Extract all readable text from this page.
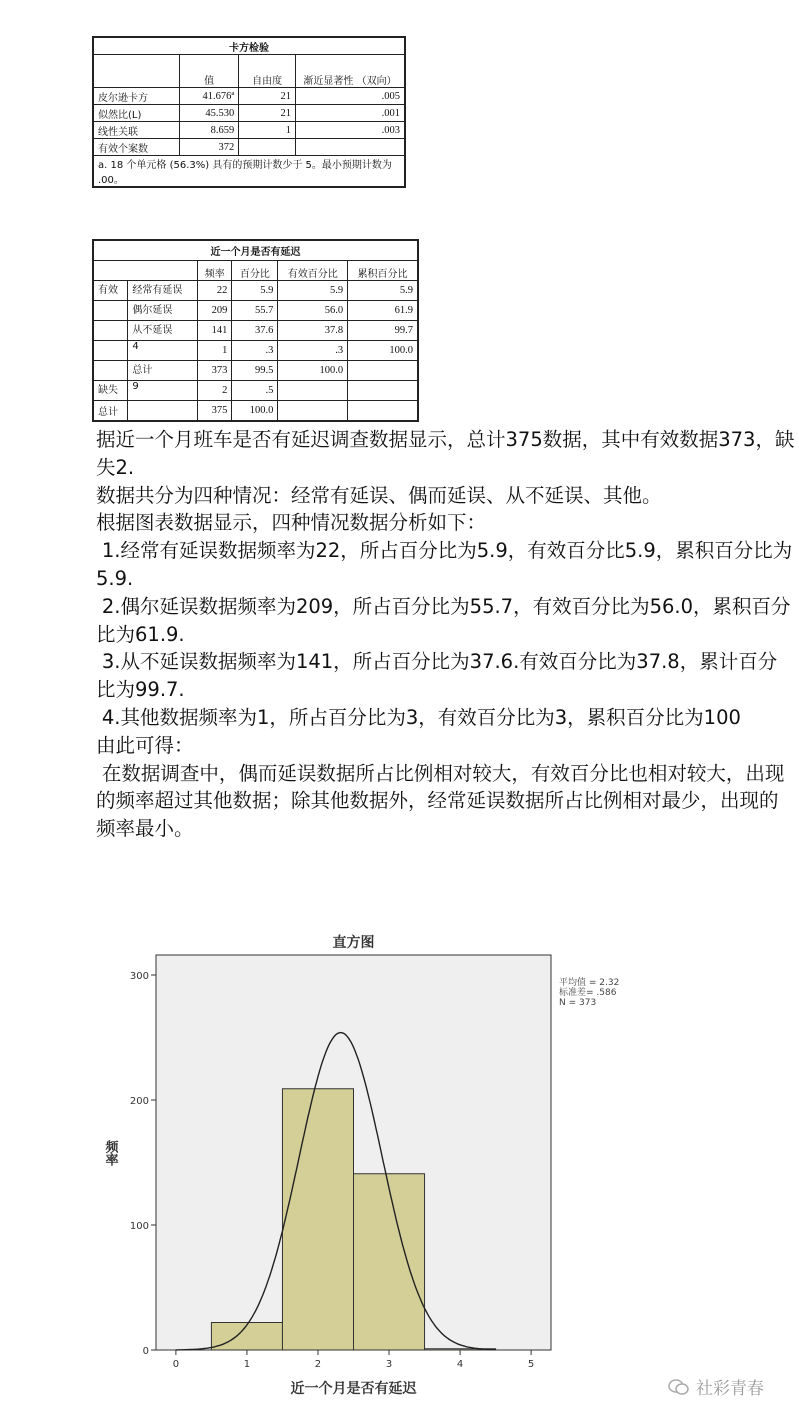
卡方检验			
	值	自由度	渐近显著性 （双向）
皮尔逊卡方	41.676ª	21	.005
似然比(L)	45.530	21	.001
线性关联	8.659	1	.003
有效个案数	372		
a. 18 个单元格 (56.3%) 具有的预期计数少于 5。最小预期计数为 .00。			
近一个月是否有延迟					
		频率	百分比	有效百分比	累积百分比
有效	经常有延误	22	5.9	5.9	5.9
	偶尔延误	209	55.7	56.0	61.9
	从不延误	141	37.6	37.8	99.7
	4	1	.3	.3	100.0
	总计	373	99.5	100.0	
缺失	9	2	.5		
总计		375	100.0		

据近一个月班车是否有延迟调查数据显示，总计375数据，其中有效数据373，缺失2.

数据共分为四种情况：经常有延误、偶而延误、从不延误、其他。

根据图表数据显示，四种情况数据分析如下：

1.经常有延误数据频率为22，所占百分比为5.9，有效百分比5.9，累积百分比为5.9.

2.偶尔延误数据频率为209，所占百分比为55.7，有效百分比为56.0，累积百分比为61.9.

3.从不延误数据频率为141，所占百分比为37.6.有效百分比为37.8，累计百分比为99.7.

4.其他数据频率为1，所占百分比为3，有效百分比为3，累积百分比为100

由此可得：

在数据调查中，偶而延误数据所占比例相对较大，有效百分比也相对较大，出现的频率超过其他数据；除其他数据外，经常延误数据所占比例相对最少，出现的频率最小。

直方图
0
100
200
300
0	1	2	3	4	5
近一个月是否有延迟
频率
平均值 = 2.32
标准差= .586
N = 373
社彩青春
